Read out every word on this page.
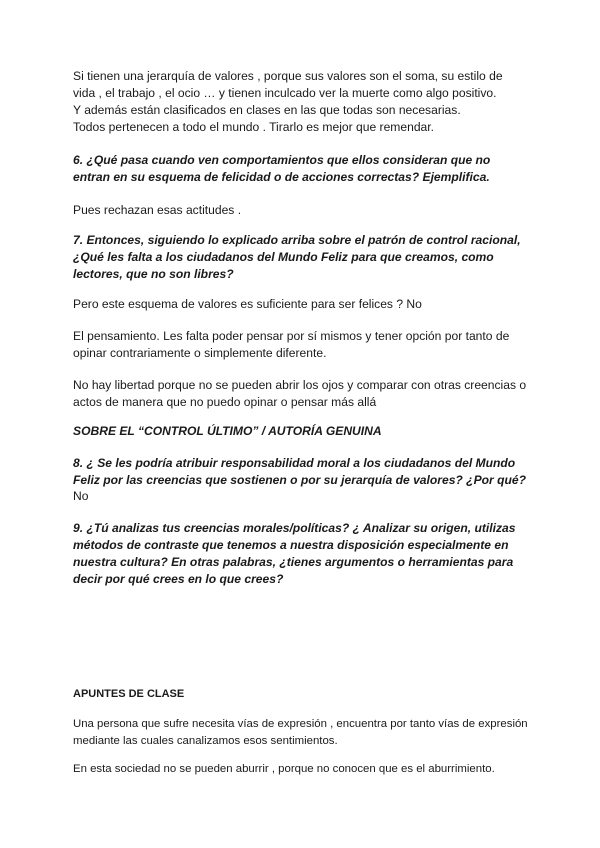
Si tienen una jerarquía de valores , porque sus valores son el soma, su estilo de
vida , el trabajo , el ocio … y tienen inculcado ver la muerte como algo positivo.
Y además están clasificados en clases en las que todas son necesarias.
Todos pertenecen a todo el mundo . Tirarlo es mejor que remendar.

6. ¿Qué pasa cuando ven comportamientos que ellos consideran que no
entran en su esquema de felicidad o de acciones correctas? Ejemplifica.

Pues rechazan esas actitudes .

7. Entonces, siguiendo lo explicado arriba sobre el patrón de control racional,
¿Qué les falta a los ciudadanos del Mundo Feliz para que creamos, como
lectores, que no son libres?

Pero este esquema de valores es suficiente para ser felices ? No

El pensamiento. Les falta poder pensar por sí mismos y tener opción por tanto de
opinar contrariamente o simplemente diferente.

No hay libertad porque no se pueden abrir los ojos y comparar con otras creencias o
actos de manera que no puedo opinar o pensar más allá

SOBRE EL “CONTROL ÚLTIMO” / AUTORÍA GENUINA

8. ¿ Se les podría atribuir responsabilidad moral a los ciudadanos del Mundo
Feliz por las creencias que sostienen o por su jerarquía de valores? ¿Por qué?

No

9. ¿Tú analizas tus creencias morales/políticas? ¿ Analizar su origen, utilizas
métodos de contraste que tenemos a nuestra disposición especialmente en
nuestra cultura? En otras palabras, ¿tienes argumentos o herramientas para
decir por qué crees en lo que crees?

APUNTES DE CLASE

Una persona que sufre necesita vías de expresión , encuentra por tanto vías de expresión
mediante las cuales canalizamos esos sentimientos.

En esta sociedad no se pueden aburrir , porque no conocen que es el aburrimiento.
